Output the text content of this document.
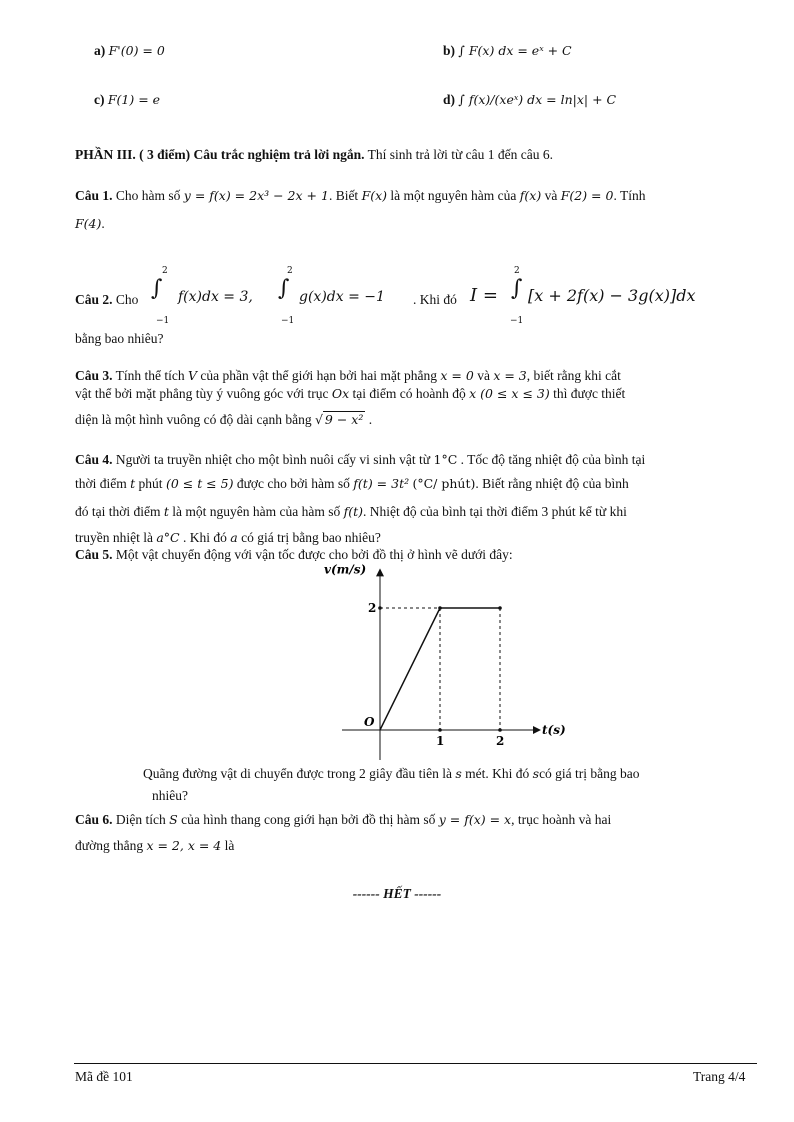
a) F'(0) = 0	b) ∫ F(x) dx = eˣ + C
c) F(1) = e	d) ∫ f(x)/(xeˣ) dx = ln|x| + C
PHẦN III. ( 3 điểm) Câu trắc nghiệm trả lời ngắn. Thí sinh trả lời từ câu 1 đến câu 6.
Câu 1. Cho hàm số y = f(x) = 2x³ − 2x + 1. Biết F(x) là một nguyên hàm của f(x) và F(2) = 0. Tính
F(4).
Câu 2. Cho ∫
2
−1
f(x)dx = 3, ∫
2
−1
g(x)dx = −1 . Khi đó I = ∫
2
−1
[x + 2f(x) − 3g(x)]dx
bằng bao nhiêu?
Câu 3. Tính thể tích V của phần vật thể giới hạn bởi hai mặt phẳng x = 0 và x = 3, biết rằng khi cắt
vật thể bởi mặt phẳng tùy ý vuông góc với trục Ox tại điểm có hoành độ x (0 ≤ x ≤ 3) thì được thiết
diện là một hình vuông có độ dài cạnh bằng √ 9 − x² .
Câu 4. Người ta truyền nhiệt cho một bình nuôi cấy vi sinh vật từ 1°C . Tốc độ tăng nhiệt độ của bình tại
thời điểm t phút (0 ≤ t ≤ 5) được cho bởi hàm số f(t) = 3t² (°C/ phút). Biết rằng nhiệt độ của bình
đó tại thời điểm t là một nguyên hàm của hàm số f(t). Nhiệt độ của bình tại thời điểm 3 phút kể từ khi
truyền nhiệt là a°C . Khi đó a có giá trị bằng bao nhiêu?
Câu 5. Một vật chuyển động với vận tốc được cho bởi đồ thị ở hình vẽ dưới đây:
1	2
2
v(m/s)
t(s)
O
Quãng đường vật di chuyển được trong 2 giây đầu tiên là s mét. Khi đó scó giá trị bằng bao
nhiêu?
Câu 6. Diện tích S của hình thang cong giới hạn bởi đồ thị hàm số y = f(x) = x, trục hoành và hai
đường thẳng x = 2, x = 4 là
------ HẾT ------
Mã đề 101	Trang 4/4
